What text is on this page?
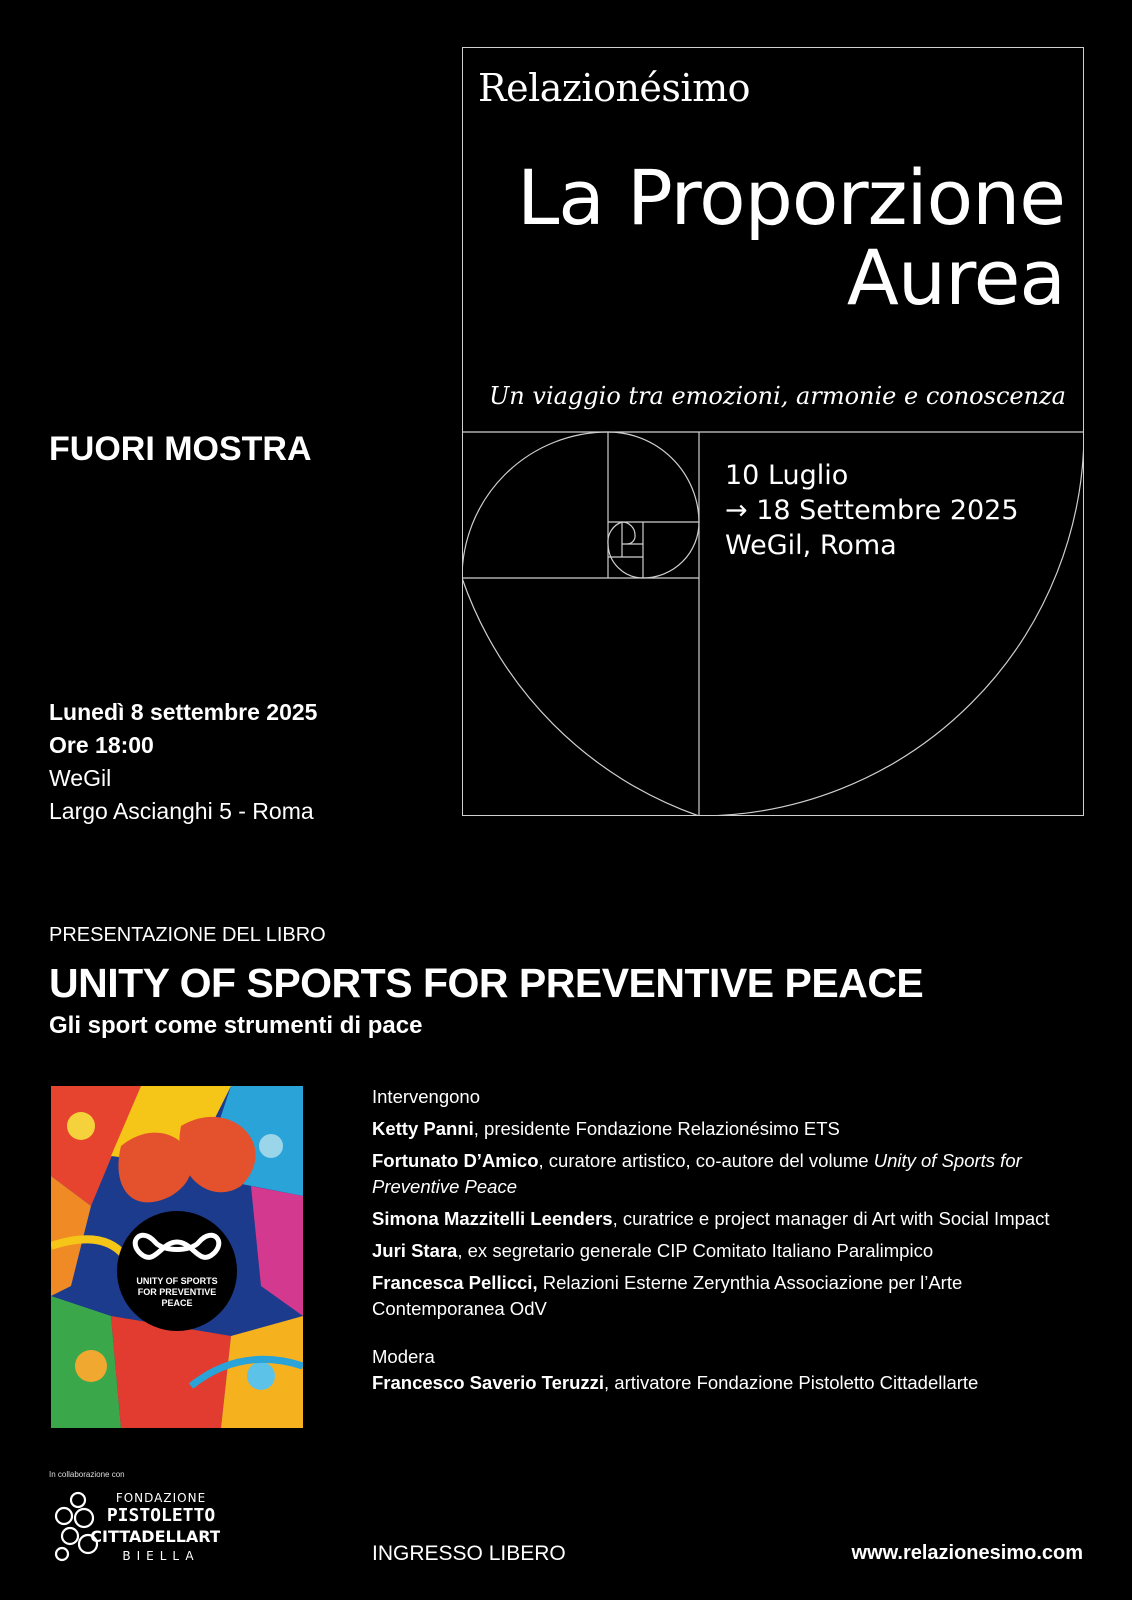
Relazionésimo
La Proporzione
Aurea
Un viaggio tra emozioni, armonie e conoscenza
10 Luglio
→ 18 Settembre 2025
WeGil, Roma
FUORI MOSTRA
Lunedì 8 settembre 2025
Ore 18:00
WeGil
Largo Ascianghi 5 - Roma
PRESENTAZIONE DEL LIBRO
UNITY OF SPORTS FOR PREVENTIVE PEACE
Gli sport come strumenti di pace
UNITY OF SPORTS
FOR PREVENTIVE
PEACE
Intervengono
Ketty Panni, presidente Fondazione Relazionésimo ETS
Fortunato D’Amico, curatore artistico, co-autore del volume Unity of Sports for Preventive Peace
Simona Mazzitelli Leenders, curatrice e project manager di Art with Social Impact
Juri Stara, ex segretario generale CIP Comitato Italiano Paralimpico
Francesca Pellicci, Relazioni Esterne Zerynthia Associazione per l’Arte Contemporanea OdV
Modera
Francesco Saverio Teruzzi, artivatore Fondazione Pistoletto Cittadellarte
In collaborazione con
FONDAZIONE
PISTOLETTO
CITTADELLARTE
BIELLA	INGRESSO LIBERO	www.relazionesimo.com
